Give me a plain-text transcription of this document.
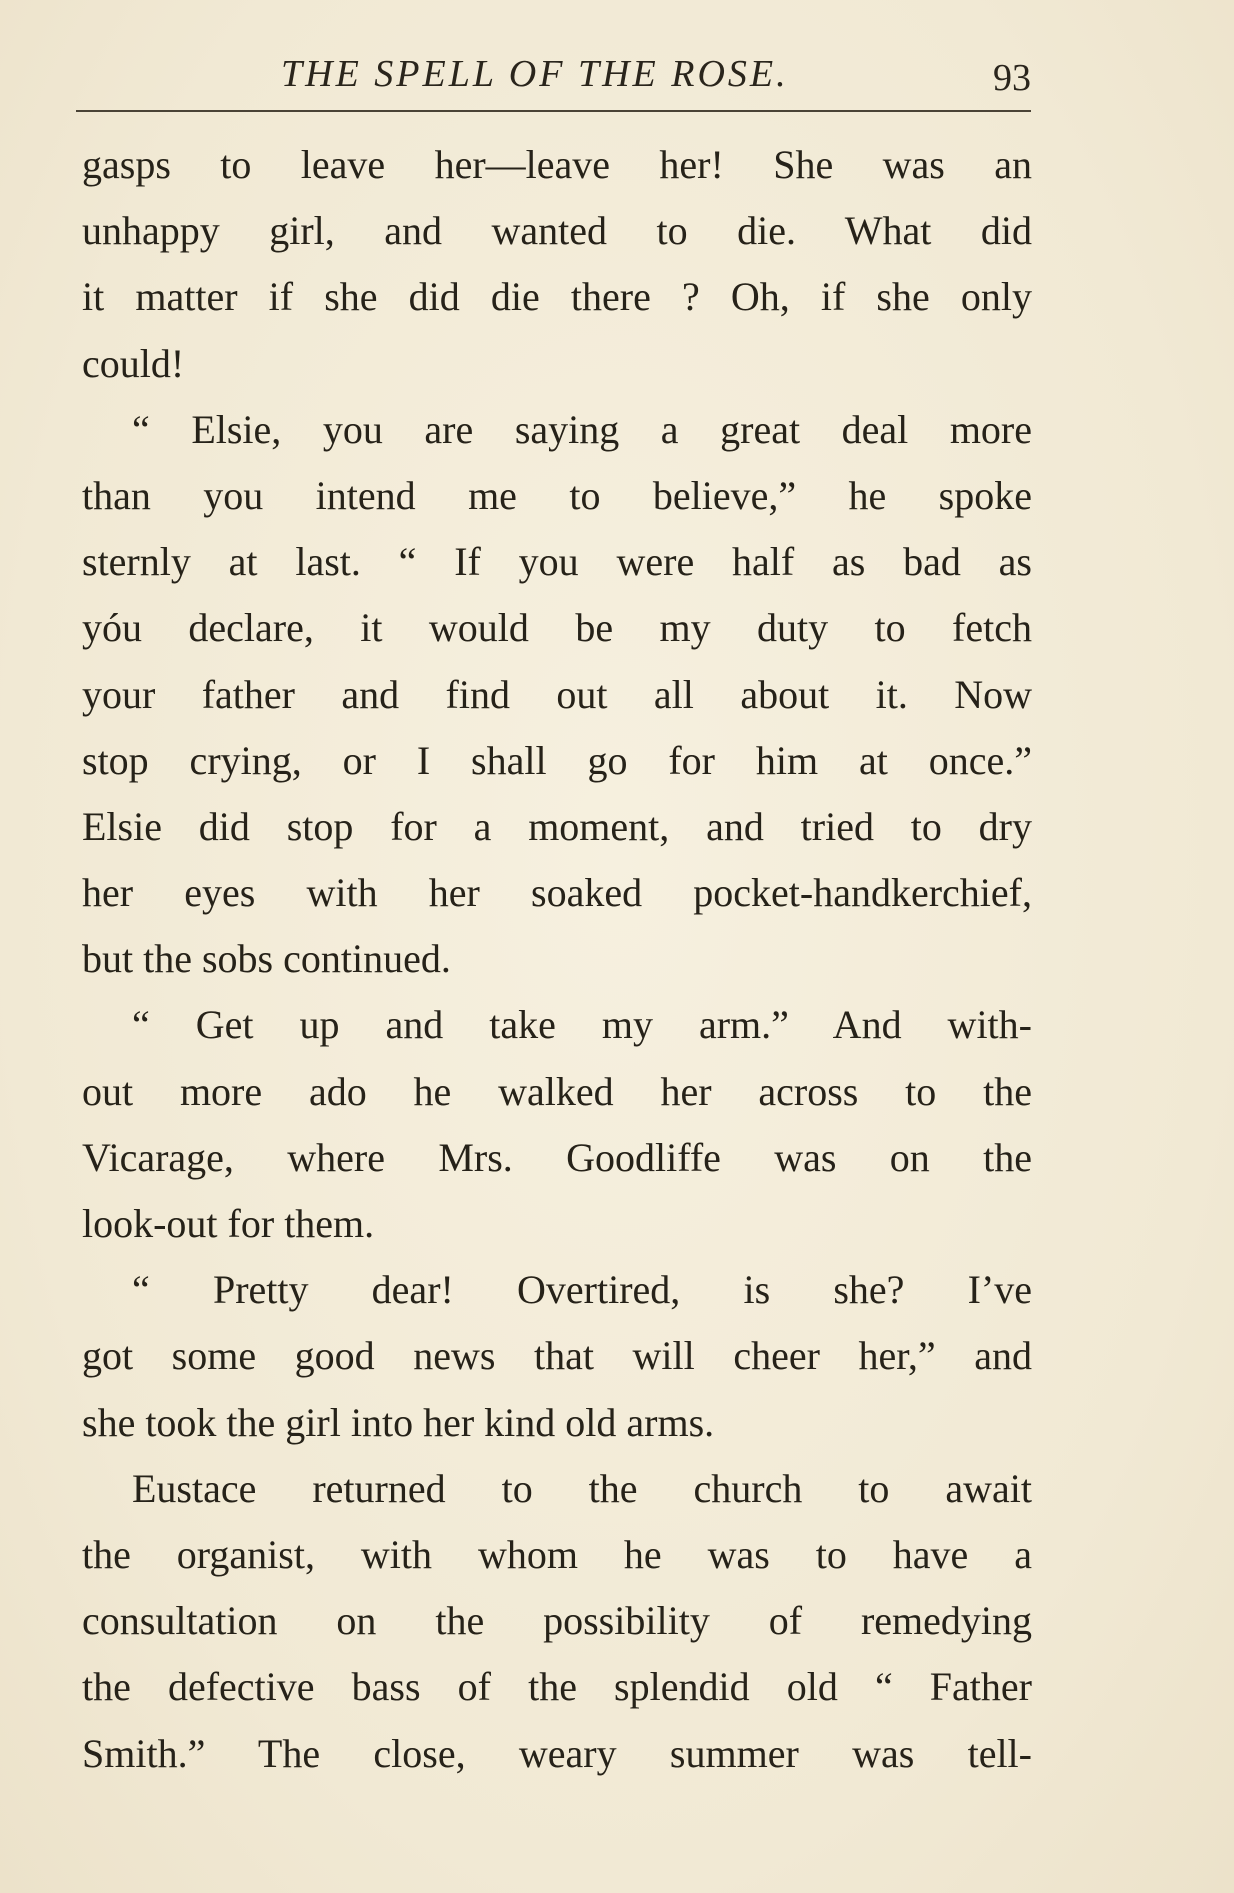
THE SPELL OF THE ROSE.	93
gasps to leave her—leave her! She was an
unhappy girl, and wanted to die. What did
it matter if she did die there ? Oh, if she only
could!
“ Elsie, you are saying a great deal more
than you intend me to believe,” he spoke
sternly at last. “ If you were half as bad as
yóu declare, it would be my duty to fetch
your father and find out all about it. Now
stop crying, or I shall go for him at once.”
Elsie did stop for a moment, and tried to dry
her eyes with her soaked pocket-handkerchief,
but the sobs continued.
“ Get up and take my arm.” And with-
out more ado he walked her across to the
Vicarage, where Mrs. Goodliffe was on the
look-out for them.
“ Pretty dear! Overtired, is she? I’ve
got some good news that will cheer her,” and
she took the girl into her kind old arms.
Eustace returned to the church to await
the organist, with whom he was to have a
consultation on the possibility of remedying
the defective bass of the splendid old “ Father
Smith.” The close, weary summer was tell-
